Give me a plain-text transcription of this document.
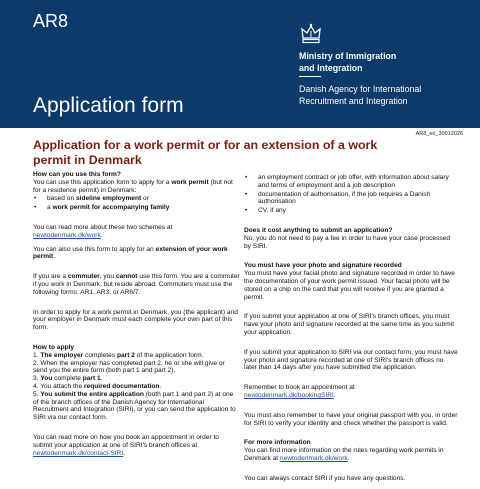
AR8
Application form
Ministry of Immigration
and Integration
Danish Agency for International
Recruitment and Integration
AR8_en_30012026
Application for a work permit or for an extension of a work
permit in Denmark

How can you use this form?

You can use this application form to apply for a work permit (but not for a residence permit) in Denmark:

• based on sideline employment or
• a work permit for accompanying family

You can read more about these two schemes at
newtodenmark.dk/work.

You can also use this form to apply for an extension of your work permit.

If you are a commuter, you cannot use this form. You are a commuter if you work in Denmark, but reside abroad. Commuters must use the following forms: AR1, AR3, or AR6/7.

In order to apply for a work permit in Denmark, you (the applicant) and your employer in Denmark must each complete your own part of this form.

How to apply

1. The employer completes part 2 of the application form.

2. When the employer has completed part 2, he or she will give or send you the entire form (both part 1 and part 2).

3. You complete part 1.

4. You attach the required documentation.

5. You submit the entire application (both part 1 and part 2) at one of the branch offices of the Danish Agency for International Recruitment and Integration (SIRI), or you can send the application to SIRI via our contact form.

You can read more on how you book an appointment in order to submit your application at one of SIRI's branch offices at newtodenmark.dk/contact-SIRI.

• an employment contract or job offer, with information about salary and terms of employment and a job description
• documentation of authorisation, if the job requires a Danish authorisation
• CV, if any

Does it cost anything to submit an application?

No, you do not need to pay a fee in order to have your case processed by SIRI.

You must have your photo and signature recorded

You must have your facial photo and signature recorded in order to have the documentation of your work permit issued. Your facial photo will be stored on a chip on the card that you will receive if you are granted a permit.

If you submit your application at one of SIRI's branch offices, you must have your photo and signature recorded at the same time as you submit your application.

If you submit your application to SIRI via our contact form, you must have your photo and signature recorded at one of SIRI's branch offices no later than 14 days after you have submitted the application.

Remember to book an appointment at
newtodenmark.dk/bookingSIRI.

You must also remember to have your original passport with you, in order for SIRI to verify your identity and check whether the passport is valid.

For more information

You can find more information on the rules regarding work permits in Denmark at newtodenmark.dk/work.

You can always contact SIRI if you have any questions.
